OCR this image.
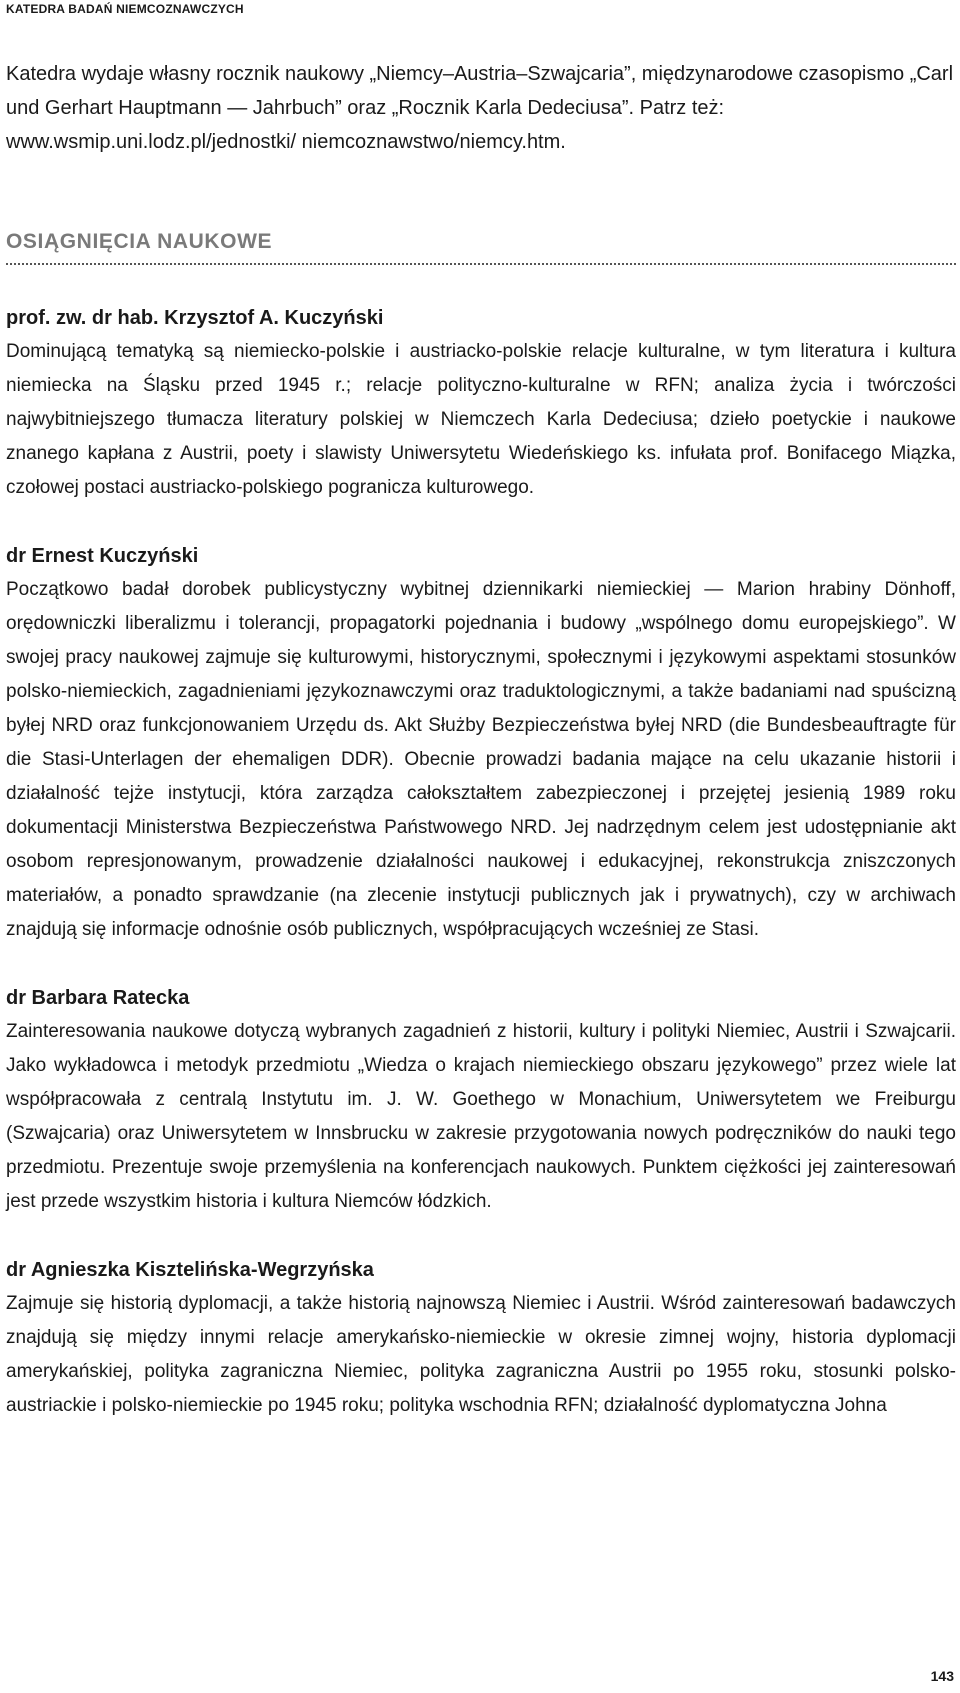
KATEDRA BADAŃ NIEMCOZNAWCZYCH

Katedra wydaje własny rocznik naukowy „Niemcy–Austria–Szwajcaria”, międzynarodowe czasopismo „Carl und Gerhart Hauptmann — Jahrbuch” oraz „Rocznik Karla Dedeciusa”. Patrz też: www.wsmip.uni.lodz.pl/jednostki/ niemcoznawstwo/niemcy.htm.

OSIĄGNIĘCIA NAUKOWE

prof. zw. dr hab. Krzysztof A. Kuczyński

Dominującą tematyką są niemiecko-polskie i austriacko-polskie relacje kulturalne, w tym literatura i kultura niemiecka na Śląsku przed 1945 r.; relacje polityczno-kulturalne w RFN; analiza życia i twórczości najwybitniejszego tłumacza literatury polskiej w Niemczech Karla Dedeciusa; dzieło poetyckie i naukowe znanego kapłana z Austrii, poety i slawisty Uniwersytetu Wiedeńskiego ks. infułata prof. Bonifacego Miązka, czołowej postaci austriacko-polskiego pogranicza kulturowego.

dr Ernest Kuczyński

Początkowo badał dorobek publicystyczny wybitnej dziennikarki niemieckiej — Marion hrabiny Dönhoff, orędowniczki liberalizmu i tolerancji, propagatorki pojednania i budowy „wspólnego domu europejskiego”. W swojej pracy naukowej zajmuje się kulturowymi, historycznymi, społecznymi i językowymi aspektami stosunków polsko-niemieckich, zagadnieniami językoznawczymi oraz traduktologicznymi, a także badaniami nad spuścizną byłej NRD oraz funkcjonowaniem Urzędu ds. Akt Służby Bezpieczeństwa byłej NRD (die Bundesbeauftragte für die Stasi-Unterlagen der ehemaligen DDR). Obecnie prowadzi badania mające na celu ukazanie historii i działalność tejże instytucji, która zarządza całokształtem zabezpieczonej i przejętej jesienią 1989 roku dokumentacji Ministerstwa Bezpieczeństwa Państwowego NRD. Jej nadrzędnym celem jest udostępnianie akt osobom represjonowanym, prowadzenie działalności naukowej i edukacyjnej, rekonstrukcja zniszczonych materiałów, a ponadto sprawdzanie (na zlecenie instytucji publicznych jak i prywatnych), czy w archiwach znajdują się informacje odnośnie osób publicznych, współpracujących wcześniej ze Stasi.

dr Barbara Ratecka

Zainteresowania naukowe dotyczą wybranych zagadnień z historii, kultury i polityki Niemiec, Austrii i Szwajcarii. Jako wykładowca i metodyk przedmiotu „Wiedza o krajach niemieckiego obszaru językowego” przez wiele lat współpracowała z centralą Instytutu im. J. W. Goethego w Monachium, Uniwersytetem we Freiburgu (Szwajcaria) oraz Uniwersytetem w Innsbrucku w zakresie przygotowania nowych podręczników do nauki tego przedmiotu. Prezentuje swoje przemyślenia na konferencjach naukowych. Punktem ciężkości jej zainteresowań jest przede wszystkim historia i kultura Niemców łódzkich.

dr Agnieszka Kisztelińska-Wegrzyńska

Zajmuje się historią dyplomacji, a także historią najnowszą Niemiec i Austrii. Wśród zainteresowań badawczych znajdują się między innymi relacje amerykańsko-niemieckie w okresie zimnej wojny, historia dyplomacji amerykańskiej, polityka zagraniczna Niemiec, polityka zagraniczna Austrii po 1955 roku, stosunki polsko-austriackie i polsko-niemieckie po 1945 roku; polityka wschodnia RFN; działalność dyplomatyczna Johna

143
